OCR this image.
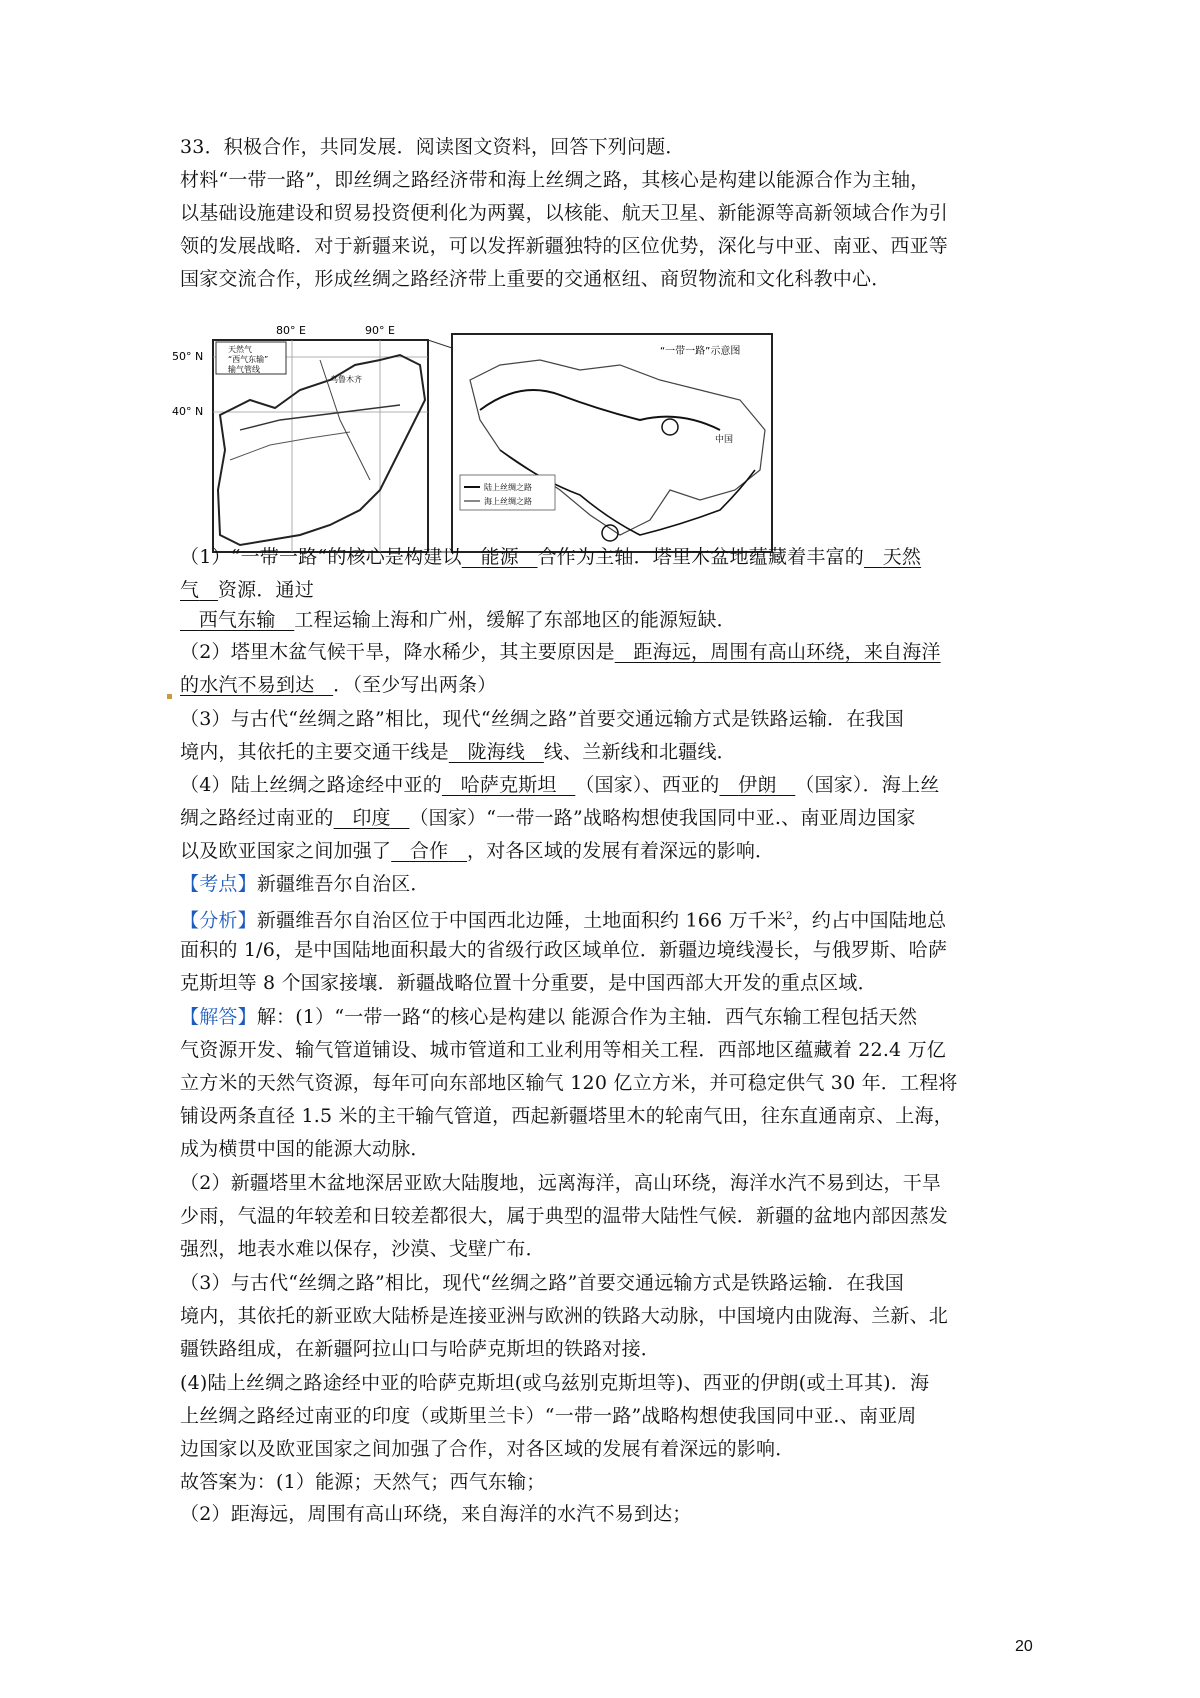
33．积极合作，共同发展．阅读图文资料，回答下列问题．
材料“一带一路”，即丝绸之路经济带和海上丝绸之路，其核心是构建以能源合作为主轴，
以基础设施建设和贸易投资便利化为两翼，以核能、航天卫星、新能源等高新领域合作为引
领的发展战略．对于新疆来说，可以发挥新疆独特的区位优势，深化与中亚、南亚、西亚等
国家交流合作，形成丝绸之路经济带上重要的交通枢纽、商贸物流和文化科教中心．
80° E	90° E
50° N
40° N
天然气
“西气东输”
输气管线
乌鲁木齐
“一带一路”示意图
中国
陆上丝绸之路
海上丝绸之路
（1）“一带一路“的核心是构建以 能源 合作为主轴．塔里木盆地蕴藏着丰富的 天然
气 资源．通过
西气东输 工程运输上海和广州，缓解了东部地区的能源短缺．
（2）塔里木盆气候干旱，降水稀少，其主要原因是 距海远，周围有高山环绕，来自海洋
的水汽不易到达 ．（至少写出两条）
（3）与古代“丝绸之路”相比，现代“丝绸之路”首要交通远输方式是铁路运输．在我国
境内，其依托的主要交通干线是 陇海线 线、兰新线和北疆线．
（4）陆上丝绸之路途经中亚的 哈萨克斯坦 （国家）、西亚的 伊朗 （国家）．海上丝
绸之路经过南亚的 印度 （国家）“一带一路”战略构想使我国同中亚.、南亚周边国家
以及欧亚国家之间加强了 合作 ，对各区域的发展有着深远的影响．
【考点】新疆维吾尔自治区．
【分析】新疆维吾尔自治区位于中国西北边陲，土地面积约 166 万千米$^2$，约占中国陆地总
面积的 1/6，是中国陆地面积最大的省级行政区域单位．新疆边境线漫长，与俄罗斯、哈萨
克斯坦等 8 个国家接壤．新疆战略位置十分重要，是中国西部大开发的重点区域．
【解答】解：(1）“一带一路“的核心是构建以 能源合作为主轴．西气东输工程包括天然
气资源开发、输气管道铺设、城市管道和工业利用等相关工程．西部地区蕴藏着 22.4 万亿
立方米的天然气资源，每年可向东部地区输气 120 亿立方米，并可稳定供气 30 年．工程将
铺设两条直径 1.5 米的主干输气管道，西起新疆塔里木的轮南气田，往东直通南京、上海，
成为横贯中国的能源大动脉．
（2）新疆塔里木盆地深居亚欧大陆腹地，远离海洋，高山环绕，海洋水汽不易到达，干旱
少雨，气温的年较差和日较差都很大，属于典型的温带大陆性气候．新疆的盆地内部因蒸发
强烈，地表水难以保存，沙漠、戈壁广布．
（3）与古代“丝绸之路”相比，现代“丝绸之路”首要交通远输方式是铁路运输．在我国
境内，其依托的新亚欧大陆桥是连接亚洲与欧洲的铁路大动脉，中国境内由陇海、兰新、北
疆铁路组成，在新疆阿拉山口与哈萨克斯坦的铁路对接．
(4)陆上丝绸之路途经中亚的哈萨克斯坦(或乌兹别克斯坦等)、西亚的伊朗(或土耳其)．海
上丝绸之路经过南亚的印度（或斯里兰卡）“一带一路”战略构想使我国同中亚.、南亚周
边国家以及欧亚国家之间加强了合作，对各区域的发展有着深远的影响．
故答案为：(1）能源；天然气；西气东输；
（2）距海远，周围有高山环绕，来自海洋的水汽不易到达；
20
